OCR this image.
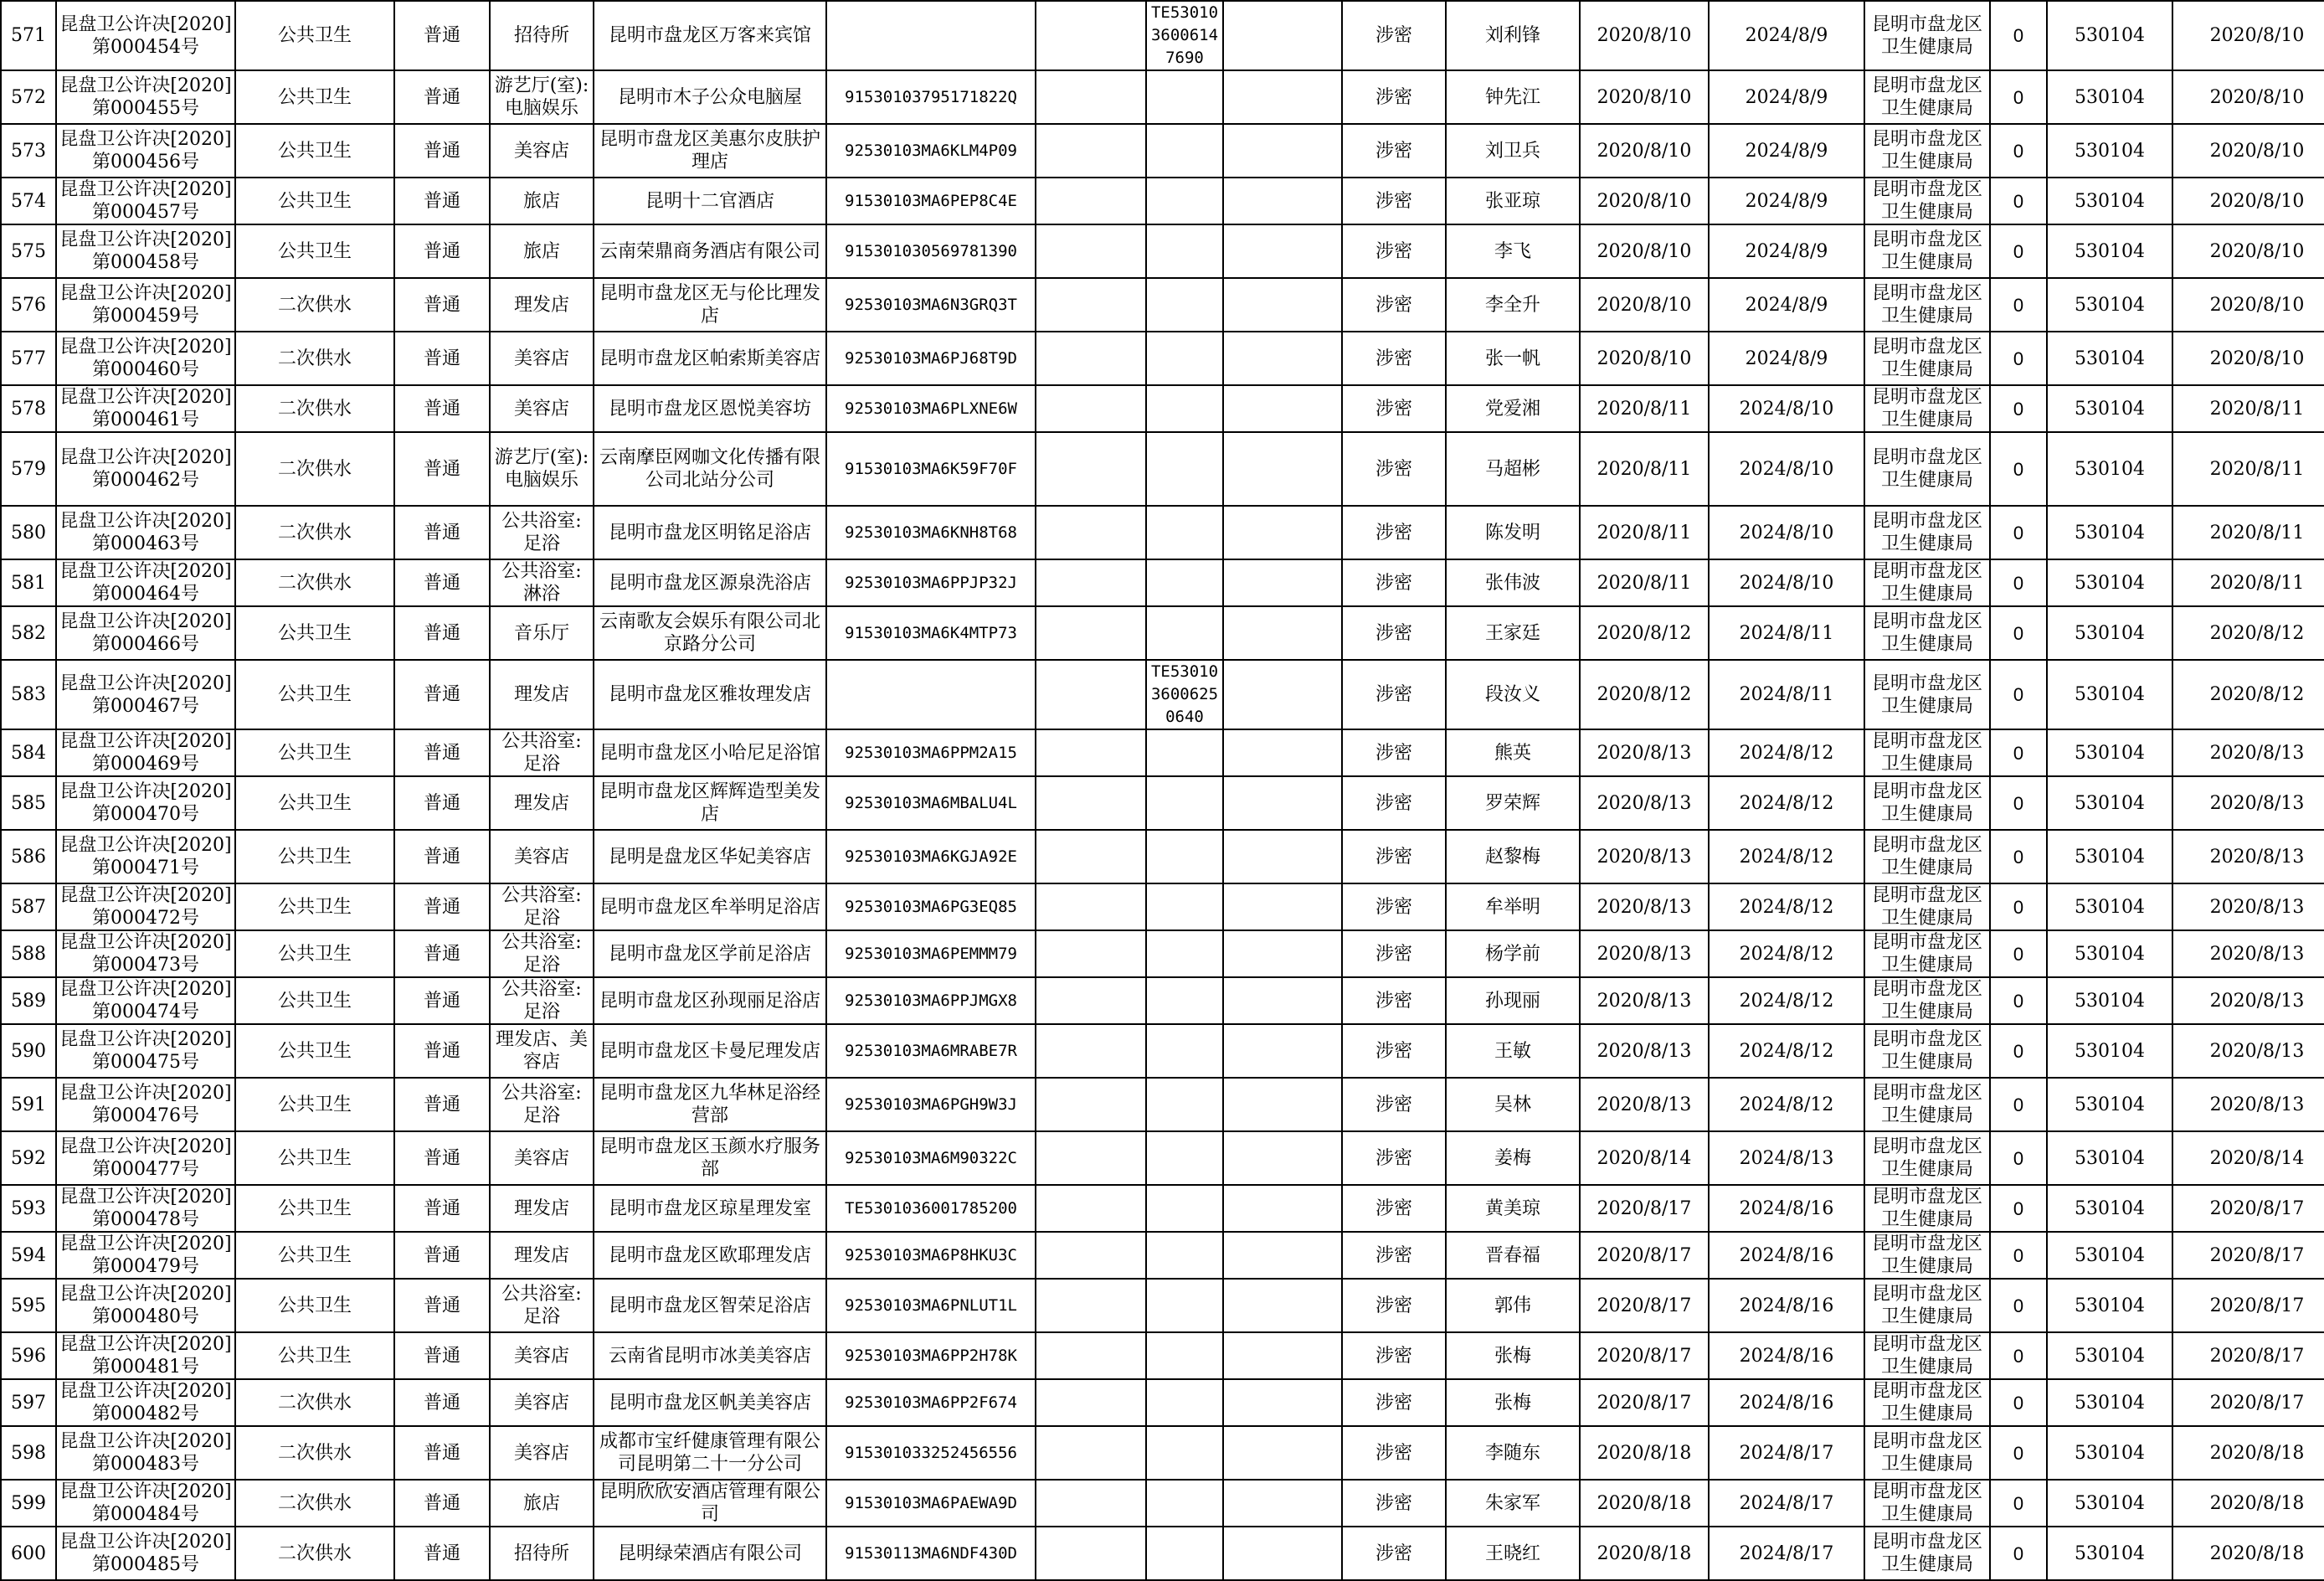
571	昆盘卫公许决[2020]第000454号	公共卫生	普通	招待所	昆明市盘龙区万客来宾馆			TE5301036006147690		涉密	刘利锋	2020/8/10	2024/8/9	昆明市盘龙区卫生健康局	0	530104	2020/8/10
572	昆盘卫公许决[2020]第000455号	公共卫生	普通	游艺厅(室):电脑娱乐	昆明市木子公众电脑屋	91530103795171822Q				涉密	钟先江	2020/8/10	2024/8/9	昆明市盘龙区卫生健康局	0	530104	2020/8/10
573	昆盘卫公许决[2020]第000456号	公共卫生	普通	美容店	昆明市盘龙区美惠尔皮肤护理店	92530103MA6KLM4P09				涉密	刘卫兵	2020/8/10	2024/8/9	昆明市盘龙区卫生健康局	0	530104	2020/8/10
574	昆盘卫公许决[2020]第000457号	公共卫生	普通	旅店	昆明十二官酒店	91530103MA6PEP8C4E				涉密	张亚琼	2020/8/10	2024/8/9	昆明市盘龙区卫生健康局	0	530104	2020/8/10
575	昆盘卫公许决[2020]第000458号	公共卫生	普通	旅店	云南荣鼎商务酒店有限公司	915301030569781390				涉密	李飞	2020/8/10	2024/8/9	昆明市盘龙区卫生健康局	0	530104	2020/8/10
576	昆盘卫公许决[2020]第000459号	二次供水	普通	理发店	昆明市盘龙区无与伦比理发店	92530103MA6N3GRQ3T				涉密	李全升	2020/8/10	2024/8/9	昆明市盘龙区卫生健康局	0	530104	2020/8/10
577	昆盘卫公许决[2020]第000460号	二次供水	普通	美容店	昆明市盘龙区帕索斯美容店	92530103MA6PJ68T9D				涉密	张一帆	2020/8/10	2024/8/9	昆明市盘龙区卫生健康局	0	530104	2020/8/10
578	昆盘卫公许决[2020]第000461号	二次供水	普通	美容店	昆明市盘龙区恩悦美容坊	92530103MA6PLXNE6W				涉密	党爱湘	2020/8/11	2024/8/10	昆明市盘龙区卫生健康局	0	530104	2020/8/11
579	昆盘卫公许决[2020]第000462号	二次供水	普通	游艺厅(室):电脑娱乐	云南摩臣网咖文化传播有限公司北站分公司	91530103MA6K59F70F				涉密	马超彬	2020/8/11	2024/8/10	昆明市盘龙区卫生健康局	0	530104	2020/8/11
580	昆盘卫公许决[2020]第000463号	二次供水	普通	公共浴室:足浴	昆明市盘龙区明铭足浴店	92530103MA6KNH8T68				涉密	陈发明	2020/8/11	2024/8/10	昆明市盘龙区卫生健康局	0	530104	2020/8/11
581	昆盘卫公许决[2020]第000464号	二次供水	普通	公共浴室:淋浴	昆明市盘龙区源泉洗浴店	92530103MA6PPJP32J				涉密	张伟波	2020/8/11	2024/8/10	昆明市盘龙区卫生健康局	0	530104	2020/8/11
582	昆盘卫公许决[2020]第000466号	公共卫生	普通	音乐厅	云南歌友会娱乐有限公司北京路分公司	91530103MA6K4MTP73				涉密	王家廷	2020/8/12	2024/8/11	昆明市盘龙区卫生健康局	0	530104	2020/8/12
583	昆盘卫公许决[2020]第000467号	公共卫生	普通	理发店	昆明市盘龙区雅妆理发店			TE5301036006250640		涉密	段汝义	2020/8/12	2024/8/11	昆明市盘龙区卫生健康局	0	530104	2020/8/12
584	昆盘卫公许决[2020]第000469号	公共卫生	普通	公共浴室:足浴	昆明市盘龙区小哈尼足浴馆	92530103MA6PPM2A15				涉密	熊英	2020/8/13	2024/8/12	昆明市盘龙区卫生健康局	0	530104	2020/8/13
585	昆盘卫公许决[2020]第000470号	公共卫生	普通	理发店	昆明市盘龙区辉辉造型美发店	92530103MA6MBALU4L				涉密	罗荣辉	2020/8/13	2024/8/12	昆明市盘龙区卫生健康局	0	530104	2020/8/13
586	昆盘卫公许决[2020]第000471号	公共卫生	普通	美容店	昆明是盘龙区华妃美容店	92530103MA6KGJA92E				涉密	赵黎梅	2020/8/13	2024/8/12	昆明市盘龙区卫生健康局	0	530104	2020/8/13
587	昆盘卫公许决[2020]第000472号	公共卫生	普通	公共浴室:足浴	昆明市盘龙区牟举明足浴店	92530103MA6PG3EQ85				涉密	牟举明	2020/8/13	2024/8/12	昆明市盘龙区卫生健康局	0	530104	2020/8/13
588	昆盘卫公许决[2020]第000473号	公共卫生	普通	公共浴室:足浴	昆明市盘龙区学前足浴店	92530103MA6PEMMM79				涉密	杨学前	2020/8/13	2024/8/12	昆明市盘龙区卫生健康局	0	530104	2020/8/13
589	昆盘卫公许决[2020]第000474号	公共卫生	普通	公共浴室:足浴	昆明市盘龙区孙现丽足浴店	92530103MA6PPJMGX8				涉密	孙现丽	2020/8/13	2024/8/12	昆明市盘龙区卫生健康局	0	530104	2020/8/13
590	昆盘卫公许决[2020]第000475号	公共卫生	普通	理发店、美容店	昆明市盘龙区卡曼尼理发店	92530103MA6MRABE7R				涉密	王敏	2020/8/13	2024/8/12	昆明市盘龙区卫生健康局	0	530104	2020/8/13
591	昆盘卫公许决[2020]第000476号	公共卫生	普通	公共浴室:足浴	昆明市盘龙区九华林足浴经营部	92530103MA6PGH9W3J				涉密	吴林	2020/8/13	2024/8/12	昆明市盘龙区卫生健康局	0	530104	2020/8/13
592	昆盘卫公许决[2020]第000477号	公共卫生	普通	美容店	昆明市盘龙区玉颜水疗服务部	92530103MA6M90322C				涉密	姜梅	2020/8/14	2024/8/13	昆明市盘龙区卫生健康局	0	530104	2020/8/14
593	昆盘卫公许决[2020]第000478号	公共卫生	普通	理发店	昆明市盘龙区琼星理发室	TE5301036001785200				涉密	黄美琼	2020/8/17	2024/8/16	昆明市盘龙区卫生健康局	0	530104	2020/8/17
594	昆盘卫公许决[2020]第000479号	公共卫生	普通	理发店	昆明市盘龙区欧耶理发店	92530103MA6P8HKU3C				涉密	晋春福	2020/8/17	2024/8/16	昆明市盘龙区卫生健康局	0	530104	2020/8/17
595	昆盘卫公许决[2020]第000480号	公共卫生	普通	公共浴室:足浴	昆明市盘龙区智荣足浴店	92530103MA6PNLUT1L				涉密	郭伟	2020/8/17	2024/8/16	昆明市盘龙区卫生健康局	0	530104	2020/8/17
596	昆盘卫公许决[2020]第000481号	公共卫生	普通	美容店	云南省昆明市冰美美容店	92530103MA6PP2H78K				涉密	张梅	2020/8/17	2024/8/16	昆明市盘龙区卫生健康局	0	530104	2020/8/17
597	昆盘卫公许决[2020]第000482号	二次供水	普通	美容店	昆明市盘龙区帆美美容店	92530103MA6PP2F674				涉密	张梅	2020/8/17	2024/8/16	昆明市盘龙区卫生健康局	0	530104	2020/8/17
598	昆盘卫公许决[2020]第000483号	二次供水	普通	美容店	成都市宝纤健康管理有限公司昆明第二十一分公司	915301033252456556				涉密	李随东	2020/8/18	2024/8/17	昆明市盘龙区卫生健康局	0	530104	2020/8/18
599	昆盘卫公许决[2020]第000484号	二次供水	普通	旅店	昆明欣欣安酒店管理有限公司	91530103MA6PAEWA9D				涉密	朱家军	2020/8/18	2024/8/17	昆明市盘龙区卫生健康局	0	530104	2020/8/18
600	昆盘卫公许决[2020]第000485号	二次供水	普通	招待所	昆明绿荣酒店有限公司	91530113MA6NDF430D				涉密	王晓红	2020/8/18	2024/8/17	昆明市盘龙区卫生健康局	0	530104	2020/8/18
